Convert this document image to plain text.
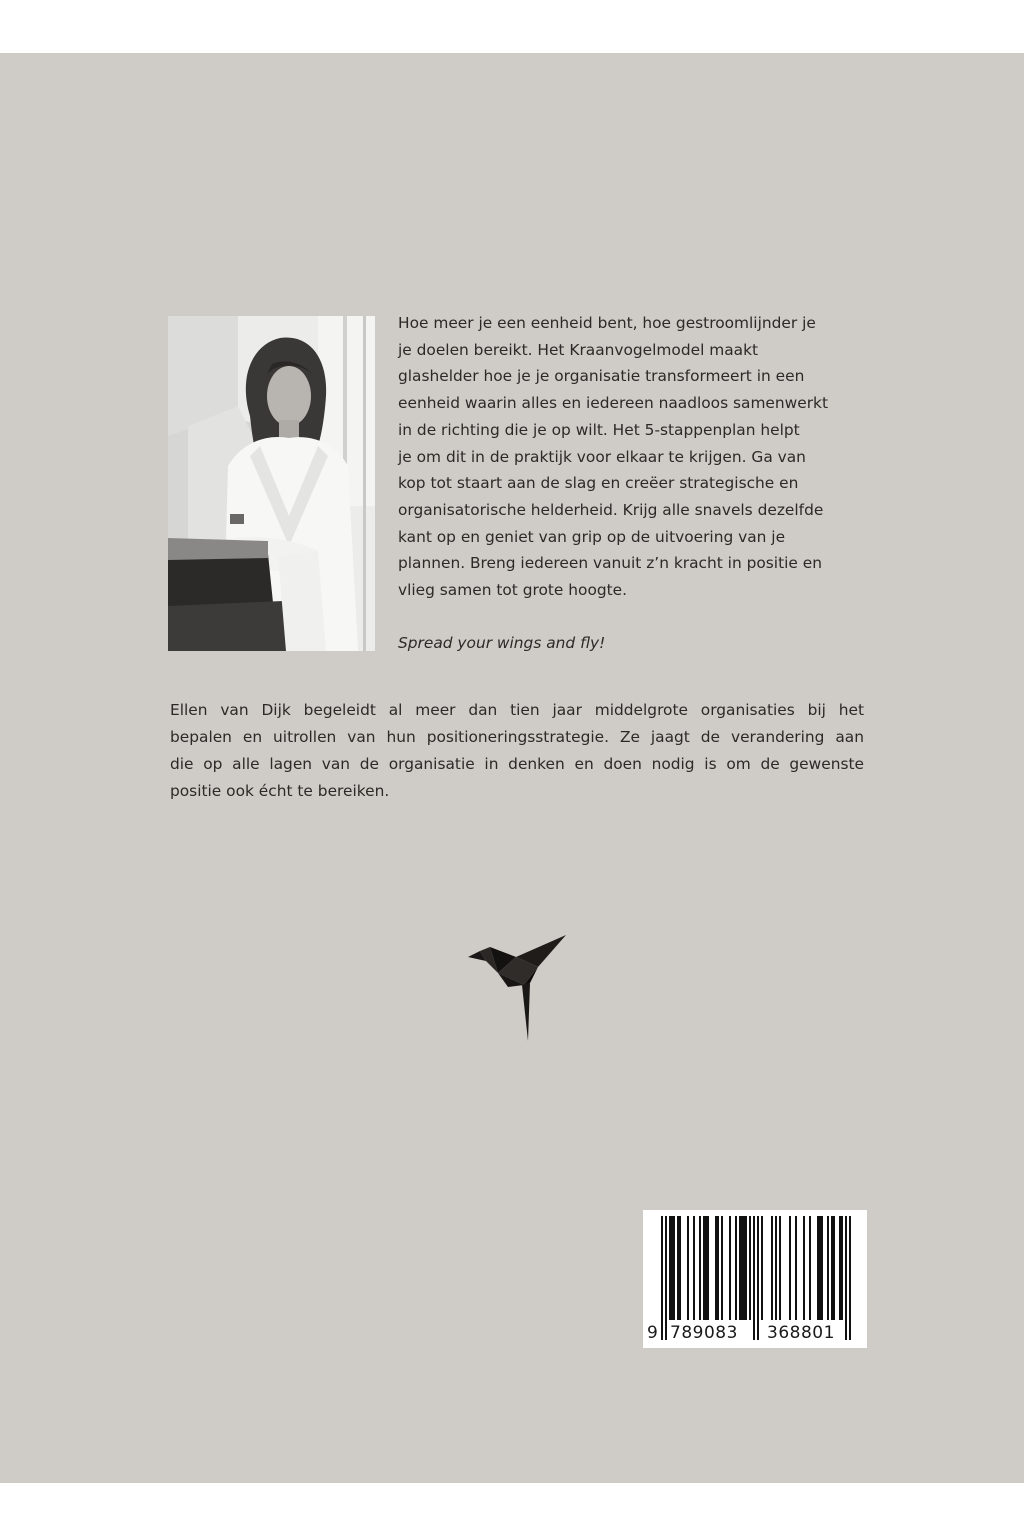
Hoe meer je een eenheid bent, hoe gestroomlijnder je

je doelen bereikt. Het Kraanvogelmodel maakt

glashelder hoe je je organisatie transformeert in een

eenheid waarin alles en iedereen naadloos samenwerkt

in de richting die je op wilt. Het 5-stappenplan helpt

je om dit in de praktijk voor elkaar te krijgen. Ga van

kop tot staart aan de slag en creëer strategische en

organisatorische helderheid. Krijg alle snavels dezelfde

kant op en geniet van grip op de uitvoering van je

plannen. Breng iedereen vanuit z’n kracht in positie en

vlieg samen tot grote hoogte.

Spread your wings and fly!
Ellen van Dijk begeleidt al meer dan tien jaar middelgrote organisaties bij het
bepalen en uitrollen van hun positioneringsstrategie. Ze jaagt de verandering aan
die op alle lagen van de organisatie in denken en doen nodig is om de gewenste
positie ook écht te bereiken.
9 789083 368801
